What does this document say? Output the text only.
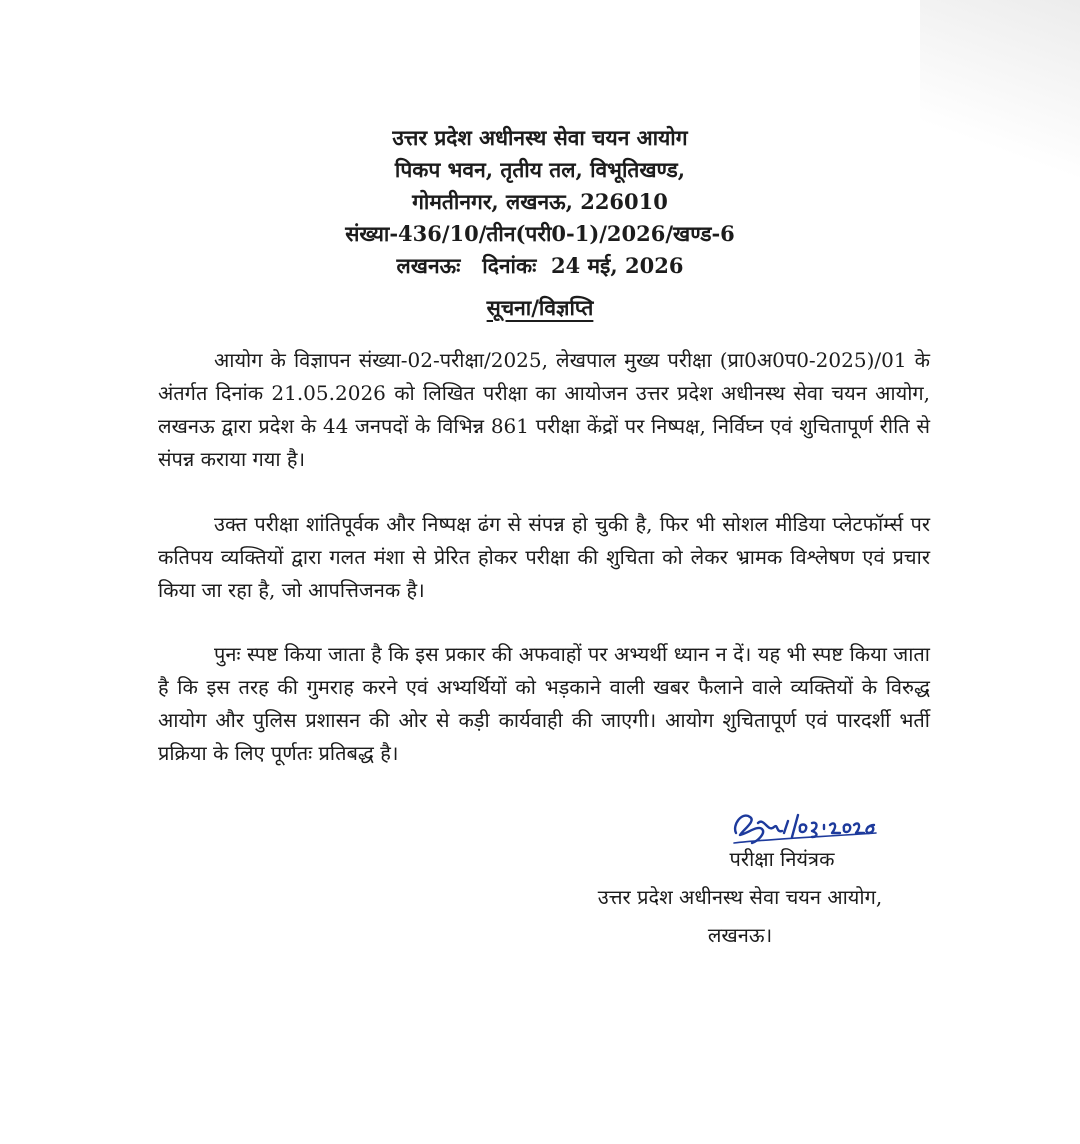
उत्तर प्रदेश अधीनस्थ सेवा चयन आयोग
पिकप भवन, तृतीय तल, विभूतिखण्ड,
गोमतीनगर, लखनऊ, 226010
संख्या-436/10/तीन(परी0-1)/2026/खण्ड-6
लखनऊः   दिनांकः  24 मई, 2026
सूचना/विज्ञप्ति

आयोग के विज्ञापन संख्या-02-परीक्षा/2025, लेखपाल मुख्य परीक्षा (प्रा0अ0प0-2025)/01 के अंतर्गत दिनांक 21.05.2026 को लिखित परीक्षा का आयोजन उत्तर प्रदेश अधीनस्थ सेवा चयन आयोग, लखनऊ द्वारा प्रदेश के 44 जनपदों के विभिन्न 861 परीक्षा केंद्रों पर निष्पक्ष, निर्विघ्न एवं शुचितापूर्ण रीति से संपन्न कराया गया है।

उक्त परीक्षा शांतिपूर्वक और निष्पक्ष ढंग से संपन्न हो चुकी है, फिर भी सोशल मीडिया प्लेटफॉर्म्स पर कतिपय व्यक्तियों द्वारा गलत मंशा से प्रेरित होकर परीक्षा की शुचिता को लेकर भ्रामक विश्लेषण एवं प्रचार किया जा रहा है, जो आपत्तिजनक है।

पुनः स्पष्ट किया जाता है कि इस प्रकार की अफवाहों पर अभ्यर्थी ध्यान न दें। यह भी स्पष्ट किया जाता है कि इस तरह की गुमराह करने एवं अभ्यर्थियों को भड़काने वाली खबर फैलाने वाले व्यक्तियों के विरुद्ध आयोग और पुलिस प्रशासन की ओर से कड़ी कार्यवाही की जाएगी। आयोग शुचितापूर्ण एवं पारदर्शी भर्ती प्रक्रिया के लिए पूर्णतः प्रतिबद्ध है।

परीक्षा नियंत्रक
उत्तर प्रदेश अधीनस्थ सेवा चयन आयोग,
लखनऊ।
